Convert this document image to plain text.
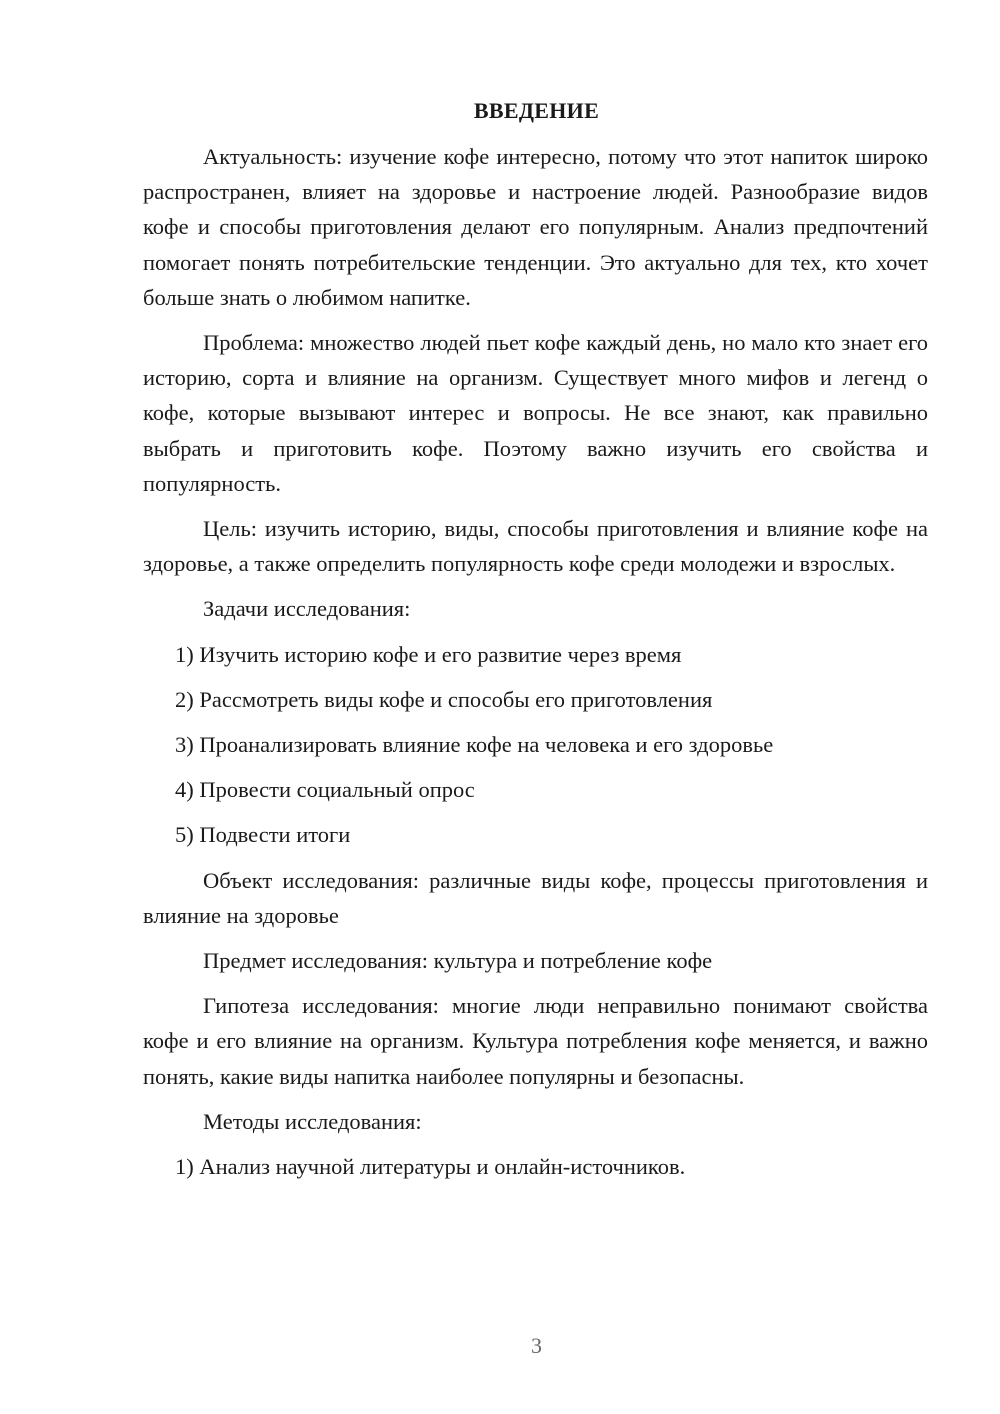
ВВЕДЕНИЕ

Актуальность: изучение кофе интересно, потому что этот напиток широко распространен, влияет на здоровье и настроение людей. Разнообразие видов кофе и способы приготовления делают его популярным. Анализ предпочтений помогает понять потребительские тенденции. Это актуально для тех, кто хочет больше знать о любимом напитке.

Проблема: множество людей пьет кофе каждый день, но мало кто знает его историю, сорта и влияние на организм. Существует много мифов и легенд о кофе, которые вызывают интерес и вопросы. Не все знают, как правильно выбрать и приготовить кофе. Поэтому важно изучить его свойства и популярность.

Цель: изучить историю, виды, способы приготовления и влияние кофе на здоровье, а также определить популярность кофе среди молодежи и взрослых.

Задачи исследования:

1) Изучить историю кофе и его развитие через время

2) Рассмотреть виды кофе и способы его приготовления

3) Проанализировать влияние кофе на человека и его здоровье

4) Провести социальный опрос

5) Подвести итоги

Объект исследования: различные виды кофе, процессы приготовления и влияние на здоровье

Предмет исследования: культура и потребление кофе

Гипотеза исследования: многие люди неправильно понимают свойства кофе и его влияние на организм. Культура потребления кофе меняется, и важно понять, какие виды напитка наиболее популярны и безопасны.

Методы исследования:

1) Анализ научной литературы и онлайн-источников.

3
